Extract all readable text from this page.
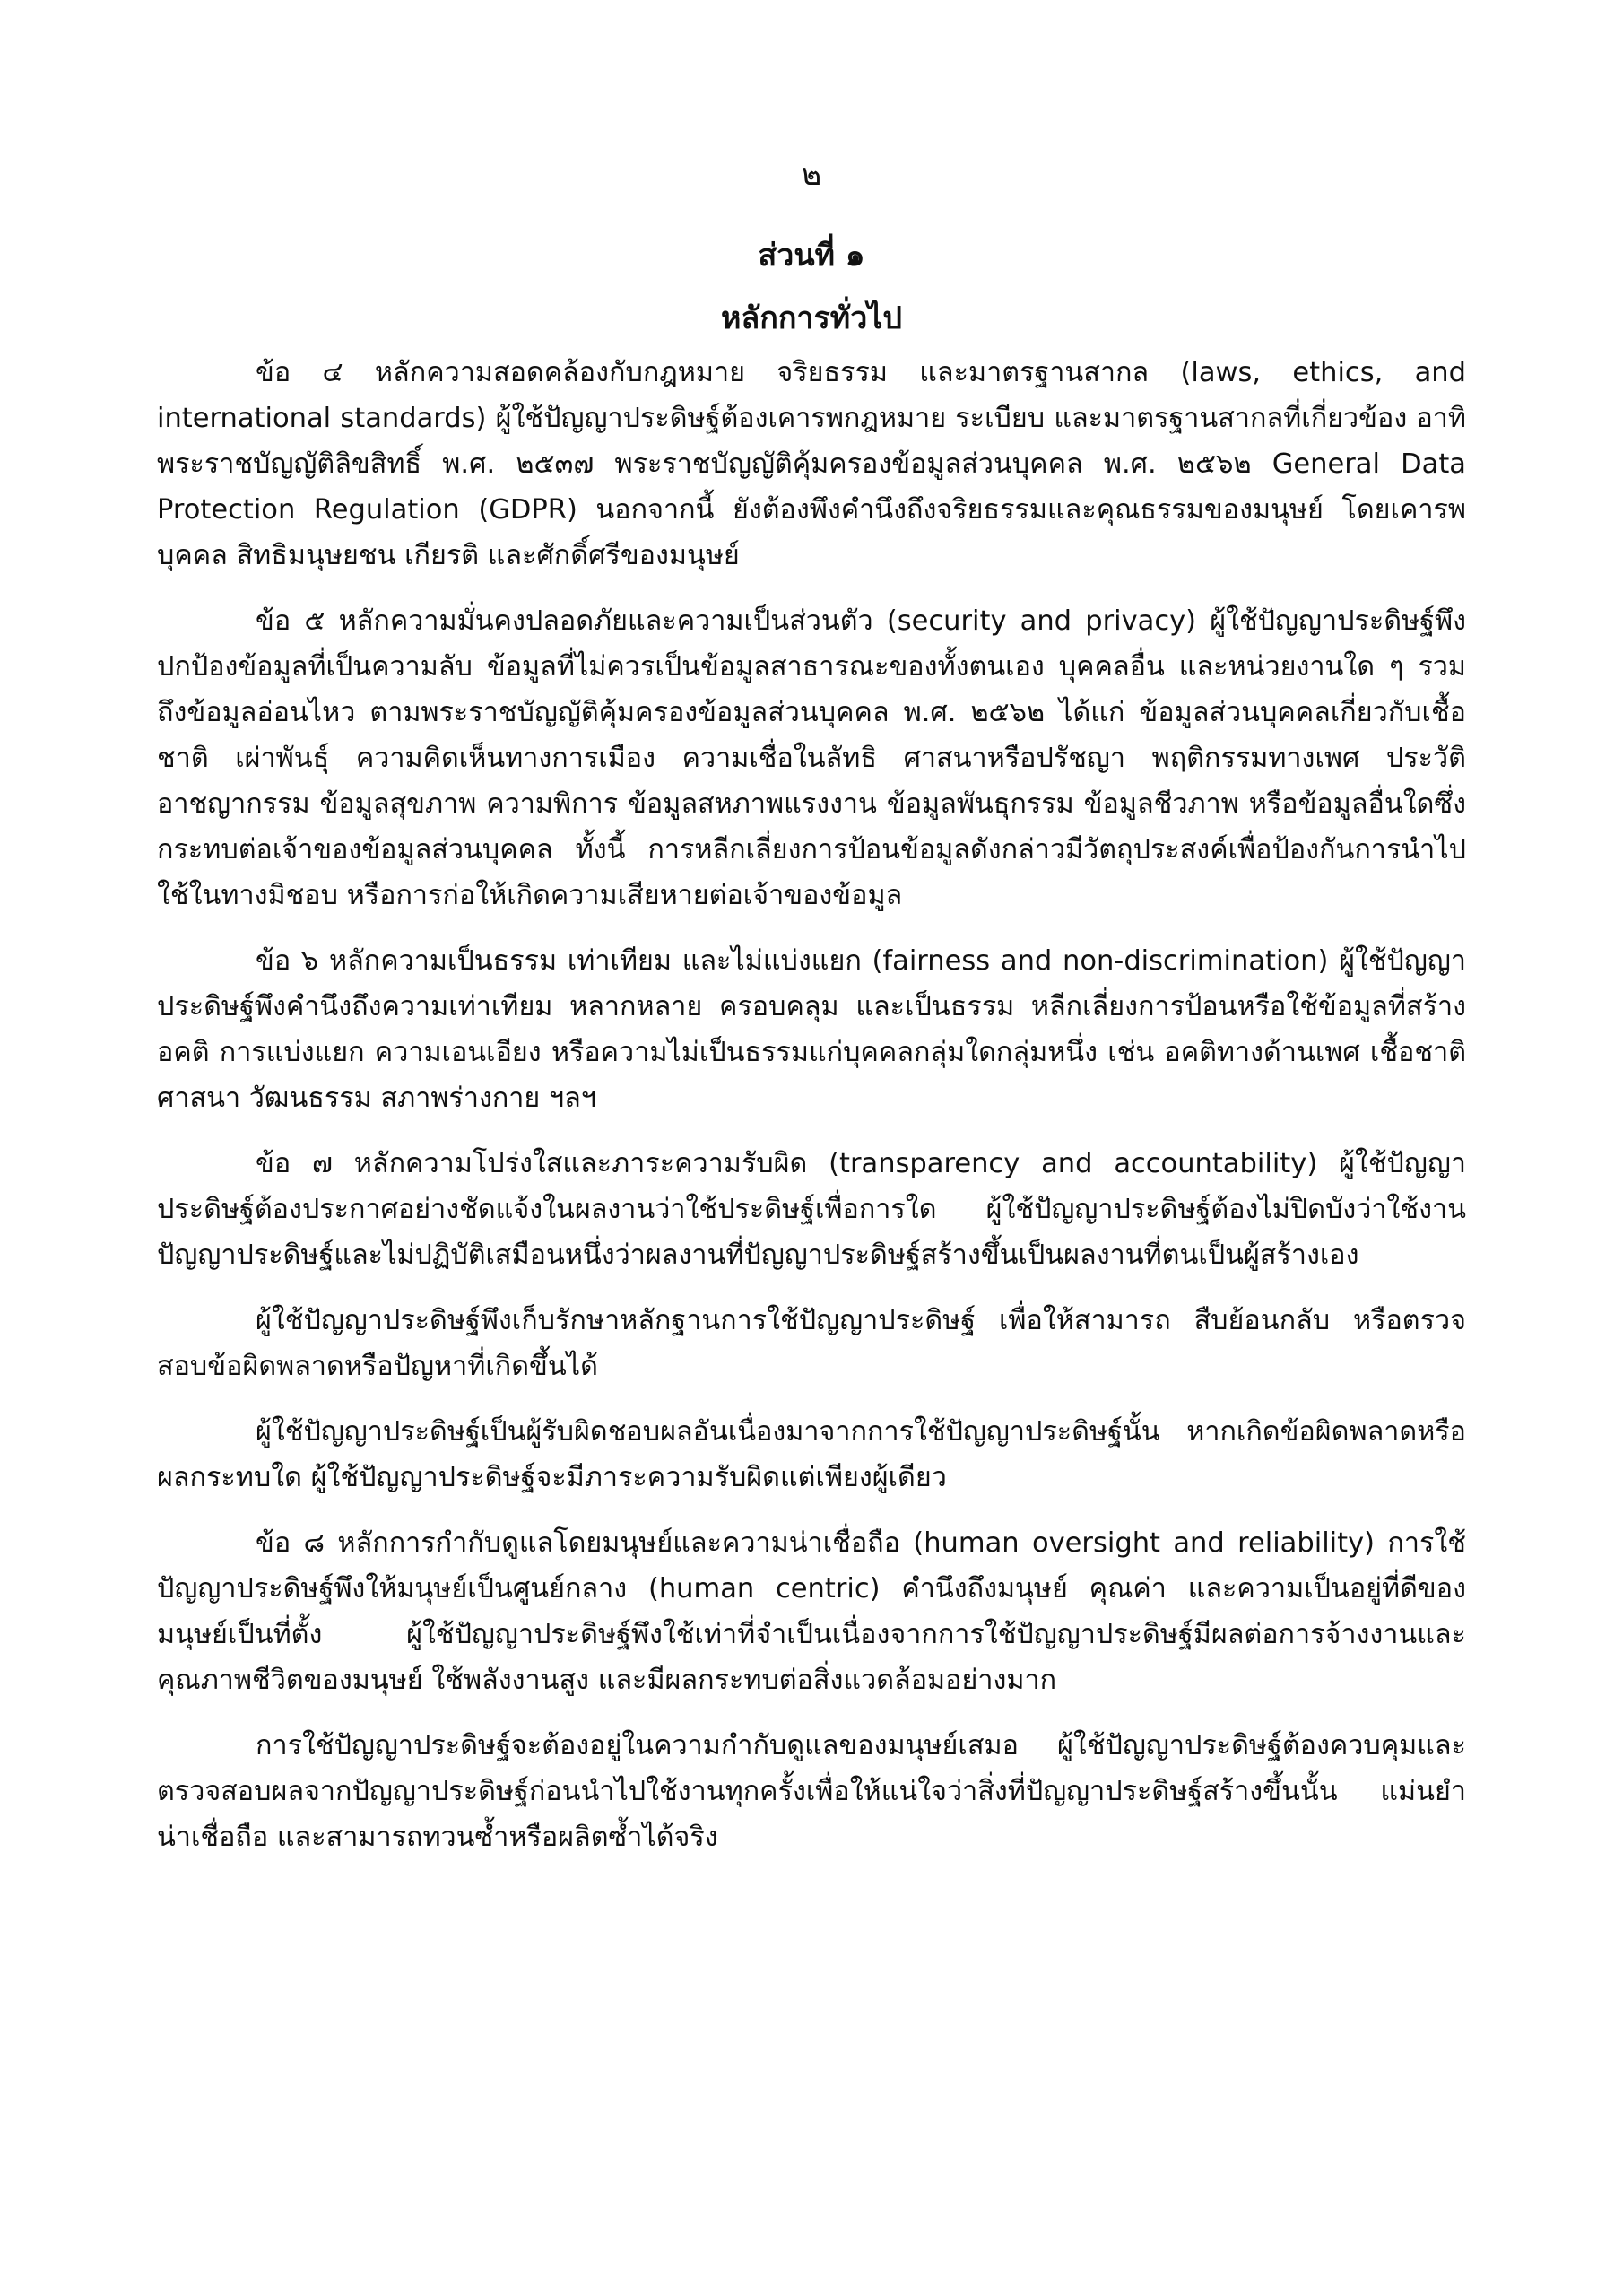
๒
ส่วนที่ ๑
หลักการทั่วไป

ข้อ ๔ หลักความสอดคล้องกับกฎหมาย จริยธรรม และมาตรฐานสากล (laws, ethics, and international standards) ผู้ใช้ปัญญาประดิษฐ์ต้องเคารพกฎหมาย ระเบียบ และมาตรฐานสากลที่เกี่ยวข้อง อาทิ พระราชบัญญัติลิขสิทธิ์ พ.ศ. ๒๕๓๗ พระราชบัญญัติคุ้มครองข้อมูลส่วนบุคคล พ.ศ. ๒๕๖๒ General Data Protection Regulation (GDPR) นอกจากนี้ ยังต้องพึงคำนึงถึงจริยธรรมและคุณธรรมของมนุษย์ โดยเคารพบุคคล สิทธิมนุษยชน เกียรติ และศักดิ์ศรีของมนุษย์

ข้อ ๕ หลักความมั่นคงปลอดภัยและความเป็นส่วนตัว (security and privacy) ผู้ใช้ปัญญาประดิษฐ์พึงปกป้องข้อมูลที่เป็นความลับ ข้อมูลที่ไม่ควรเป็นข้อมูลสาธารณะของทั้งตนเอง บุคคลอื่น และหน่วยงานใด ๆ รวมถึงข้อมูลอ่อนไหว ตามพระราชบัญญัติคุ้มครองข้อมูลส่วนบุคคล พ.ศ. ๒๕๖๒ ได้แก่ ข้อมูลส่วนบุคคลเกี่ยวกับเชื้อชาติ เผ่าพันธุ์ ความคิดเห็นทางการเมือง ความเชื่อในลัทธิ ศาสนาหรือปรัชญา พฤติกรรมทางเพศ ประวัติอาชญากรรม ข้อมูลสุขภาพ ความพิการ ข้อมูลสหภาพแรงงาน ข้อมูลพันธุกรรม ข้อมูลชีวภาพ หรือข้อมูลอื่นใดซึ่งกระทบต่อเจ้าของข้อมูลส่วนบุคคล ทั้งนี้ การหลีกเลี่ยงการป้อนข้อมูลดังกล่าวมีวัตถุประสงค์เพื่อป้องกันการนำไปใช้ในทางมิชอบ หรือการก่อให้เกิดความเสียหายต่อเจ้าของข้อมูล

ข้อ ๖ หลักความเป็นธรรม เท่าเทียม และไม่แบ่งแยก (fairness and non-discrimination) ผู้ใช้ปัญญาประดิษฐ์พึงคำนึงถึงความเท่าเทียม หลากหลาย ครอบคลุม และเป็นธรรม หลีกเลี่ยงการป้อนหรือใช้ข้อมูลที่สร้างอคติ การแบ่งแยก ความเอนเอียง หรือความไม่เป็นธรรมแก่บุคคลกลุ่มใดกลุ่มหนึ่ง เช่น อคติทางด้านเพศ เชื้อชาติ ศาสนา วัฒนธรรม สภาพร่างกาย ฯลฯ

ข้อ ๗ หลักความโปร่งใสและภาระความรับผิด (transparency and accountability) ผู้ใช้ปัญญาประดิษฐ์ต้องประกาศอย่างชัดแจ้งในผลงานว่าใช้ประดิษฐ์เพื่อการใด ผู้ใช้ปัญญาประดิษฐ์ต้องไม่ปิดบังว่าใช้งานปัญญาประดิษฐ์และไม่ปฏิบัติเสมือนหนึ่งว่าผลงานที่ปัญญาประดิษฐ์สร้างขึ้นเป็นผลงานที่ตนเป็นผู้สร้างเอง

ผู้ใช้ปัญญาประดิษฐ์พึงเก็บรักษาหลักฐานการใช้ปัญญาประดิษฐ์ เพื่อให้สามารถ สืบย้อนกลับ หรือตรวจสอบข้อผิดพลาดหรือปัญหาที่เกิดขึ้นได้

ผู้ใช้ปัญญาประดิษฐ์เป็นผู้รับผิดชอบผลอันเนื่องมาจากการใช้ปัญญาประดิษฐ์นั้น หากเกิดข้อผิดพลาดหรือผลกระทบใด ผู้ใช้ปัญญาประดิษฐ์จะมีภาระความรับผิดแต่เพียงผู้เดียว

ข้อ ๘ หลักการกำกับดูแลโดยมนุษย์และความน่าเชื่อถือ (human oversight and reliability) การใช้ปัญญาประดิษฐ์พึงให้มนุษย์เป็นศูนย์กลาง (human centric) คำนึงถึงมนุษย์ คุณค่า และความเป็นอยู่ที่ดีของมนุษย์เป็นที่ตั้ง ผู้ใช้ปัญญาประดิษฐ์พึงใช้เท่าที่จำเป็นเนื่องจากการใช้ปัญญาประดิษฐ์มีผลต่อการจ้างงานและคุณภาพชีวิตของมนุษย์ ใช้พลังงานสูง และมีผลกระทบต่อสิ่งแวดล้อมอย่างมาก

การใช้ปัญญาประดิษฐ์จะต้องอยู่ในความกำกับดูแลของมนุษย์เสมอ ผู้ใช้ปัญญาประดิษฐ์ต้องควบคุมและตรวจสอบผลจากปัญญาประดิษฐ์ก่อนนำไปใช้งานทุกครั้งเพื่อให้แน่ใจว่าสิ่งที่ปัญญาประดิษฐ์สร้างขึ้นนั้น แม่นยำ น่าเชื่อถือ และสามารถทวนซ้ำหรือผลิตซ้ำได้จริง
